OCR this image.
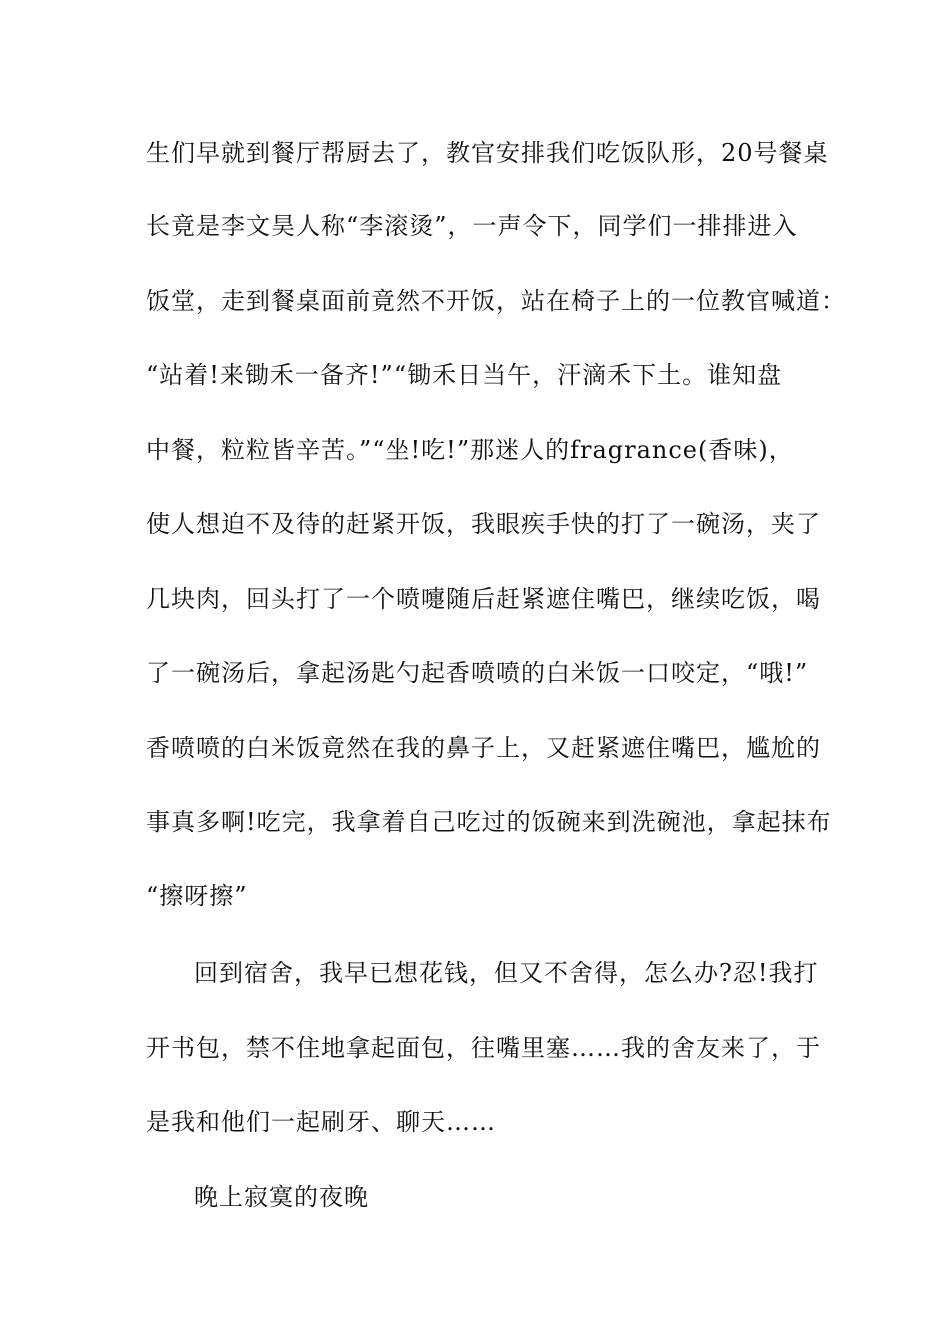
生们早就到餐厅帮厨去了，教官安排我们吃饭队形，20号餐桌
长竟是李文昊人称“李滚烫”，一声令下，同学们一排排进入
饭堂，走到餐桌面前竟然不开饭，站在椅子上的一位教官喊道：
“站着!来锄禾一备齐!”“锄禾日当午，汗滴禾下土。谁知盘
中餐，粒粒皆辛苦。”“坐!吃!”那迷人的fragrance(香味)，
使人想迫不及待的赶紧开饭，我眼疾手快的打了一碗汤，夹了
几块肉，回头打了一个喷嚏随后赶紧遮住嘴巴，继续吃饭，喝
了一碗汤后，拿起汤匙勺起香喷喷的白米饭一口咬定，“哦!”
香喷喷的白米饭竟然在我的鼻子上，又赶紧遮住嘴巴，尴尬的
事真多啊!吃完，我拿着自己吃过的饭碗来到洗碗池，拿起抹布
“擦呀擦”
回到宿舍，我早已想花钱，但又不舍得，怎么办?忍!我打
开书包，禁不住地拿起面包，往嘴里塞……我的舍友来了，于
是我和他们一起刷牙、聊天……
晚上寂寞的夜晚
